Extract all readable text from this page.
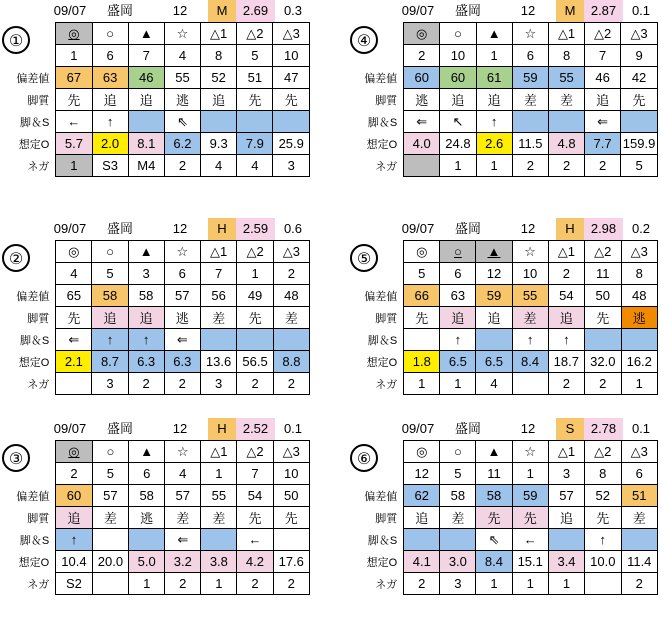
09/07	盛岡	12	M	2.69	0.3
	◎	○	▲	☆	△1	△2	△3
	1	6	7	4	8	5	10
偏差値	67	63	46	55	52	51	47
脚質	先	追	追	逃	追	先	先
脚＆S	←	↑		⇖			
想定O	5.7	2.0	8.1	6.2	9.3	7.9	25.9
ネガ	1	S3	M4	2	4	4	3
①
09/07	盛岡	12	M	2.87	0.1
	◎	○	▲	☆	△1	△2	△3
	2	10	1	6	8	7	9
偏差値	60	60	61	59	55	46	42
脚質	逃	追	追	差	差	追	先
脚＆S	⇐	↖	↑			⇐	
想定O	4.0	24.8	2.6	11.5	4.8	7.7	159.9
ネガ		1	1	2	2	2	5
④
09/07	盛岡	12	H	2.59	0.6
	◎	○	▲	☆	△1	△2	△3
	4	5	3	6	7	1	2
偏差値	65	58	58	57	56	49	48
脚質	先	追	追	逃	差	先	差
脚＆S	⇐	↑	↑	⇐			
想定O	2.1	8.7	6.3	6.3	13.6	56.5	8.8
ネガ		3	2	2	3	2	2
②
09/07	盛岡	12	H	2.98	0.2
	◎	○	▲	☆	△1	△2	△3
	5	6	12	10	2	11	8
偏差値	66	63	59	55	54	50	48
脚質	先	追	追	差	追	先	逃
脚＆S		↑		↑	↑		
想定O	1.8	6.5	6.5	8.4	18.7	32.0	16.2
ネガ	1	1	4		2	2	1
⑤
09/07	盛岡	12	H	2.52	0.1
	◎	○	▲	☆	△1	△2	△3
	2	5	6	4	1	7	10
偏差値	60	57	58	57	55	54	50
脚質	追	差	逃	差	差	先	先
脚＆S	↑			⇐		←	
想定O	10.4	20.0	5.0	3.2	3.8	4.2	17.6
ネガ	S2		1	2	1	2	2
③
09/07	盛岡	12	S	2.78	0.1
	◎	○	▲	☆	△1	△2	△3
	12	5	11	1	3	8	6
偏差値	62	58	58	59	57	52	51
脚質	追	差	先	先	追	先	差
脚＆S			⇖	←		↑	
想定O	4.1	3.0	8.4	15.1	3.4	10.0	11.4
ネガ	2	3	1	1	1		2
⑥
